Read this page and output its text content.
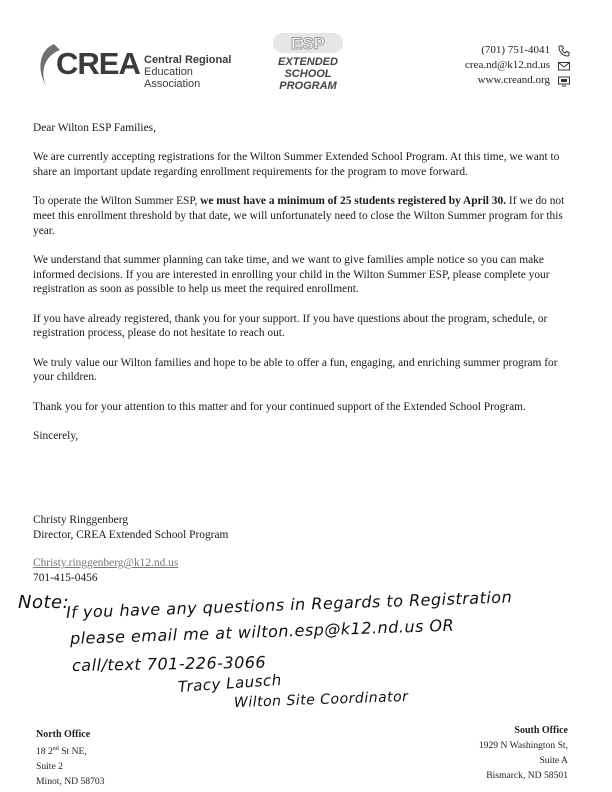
CREA Central Regional
Education Association
ESP
EXTENDED
SCHOOL
PROGRAM
(701) 751-4041
crea.nd@k12.nd.us
www.creand.org

Dear Wilton ESP Families,

We are currently accepting registrations for the Wilton Summer Extended School Program. At this time, we want to share an important update regarding enrollment requirements for the program to move forward.

To operate the Wilton Summer ESP, we must have a minimum of 25 students registered by April 30. If we do not meet this enrollment threshold by that date, we will unfortunately need to close the Wilton Summer program for this year.

We understand that summer planning can take time, and we want to give families ample notice so you can make informed decisions. If you are interested in enrolling your child in the Wilton Summer ESP, please complete your registration as soon as possible to help us meet the required enrollment.

If you have already registered, thank you for your support. If you have questions about the program, schedule, or registration process, please do not hesitate to reach out.

We truly value our Wilton families and hope to be able to offer a fun, engaging, and enriching summer program for your children.

Thank you for your attention to this matter and for your continued support of the Extended School Program.

Sincerely,

Christy Ringgenberg
Director, CREA Extended School Program
Christy.ringgenberg@k12.nd.us
701-415-0456
Note:
If you have any questions in Regards to Registration
please email me at wilton.esp@k12.nd.us OR
call/text 701-226-3066
Tracy Lausch
Wilton Site Coordinator
North Office
18 2nd St NE,
Suite 2
Minot, ND 58703
South Office
1929 N Washington St,
Suite A
Bismarck, ND 58501
